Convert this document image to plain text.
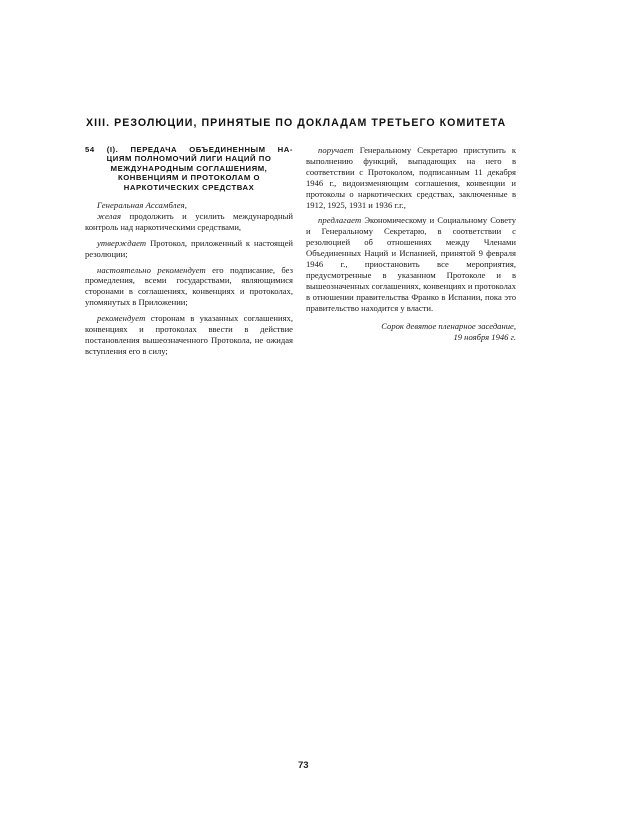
XIII. РЕЗОЛЮЦИИ, ПРИНЯТЫЕ ПО ДОКЛАДАМ ТРЕТЬЕГО КОМИТЕТА
54 (I). ПЕРЕДАЧА ОБЪЕДИНЕННЫМ НА-
ЦИЯМ ПОЛНОМОЧИЙ ЛИГИ НАЦИЙ ПО
МЕЖДУНАРОДНЫМ СОГЛАШЕНИЯМ,
КОНВЕНЦИЯМ И ПРОТОКОЛАМ О
НАРКОТИЧЕСКИХ СРЕДСТВАХ

Генеральная Ассамблея,

желая продолжить и усилить международный контроль над наркотическими средствами,

утверждает Протокол, приложенный к настоящей резолюции;

настоятельно рекомендует его подписание, без промедления, всеми государствами, являющимися сторонами в соглашениях, конвенциях и протоколах, упомянутых в Приложении;

рекомендует сторонам в указанных соглашениях, конвенциях и протоколах ввести в действие постановления вышеозначенного Протокола, не ожидая вступления его в силу;

поручает Генеральному Секретарю приступить к выполнению функций, выпадающих на него в соответствии с Протоколом, подписанным 11 декабря 1946 г., видоизменяющим соглашения, конвенции и протоколы о наркотических средствах, заключенные в 1912, 1925, 1931 и 1936 г.г.,

предлагает Экономическому и Социальному Совету и Генеральному Секретарю, в соответствии с резолюцией об отношениях между Членами Объединенных Наций и Испанией, принятой 9 февраля 1946 г., приостановить все мероприятия, предусмотренные в указанном Протоколе и в вышеозначенных соглашениях, конвенциях и протоколах в отношении правительства Франко в Испании, пока это правительство находится у власти.

Сорок девятое пленарное заседание,
19 ноября 1946 г.
73
